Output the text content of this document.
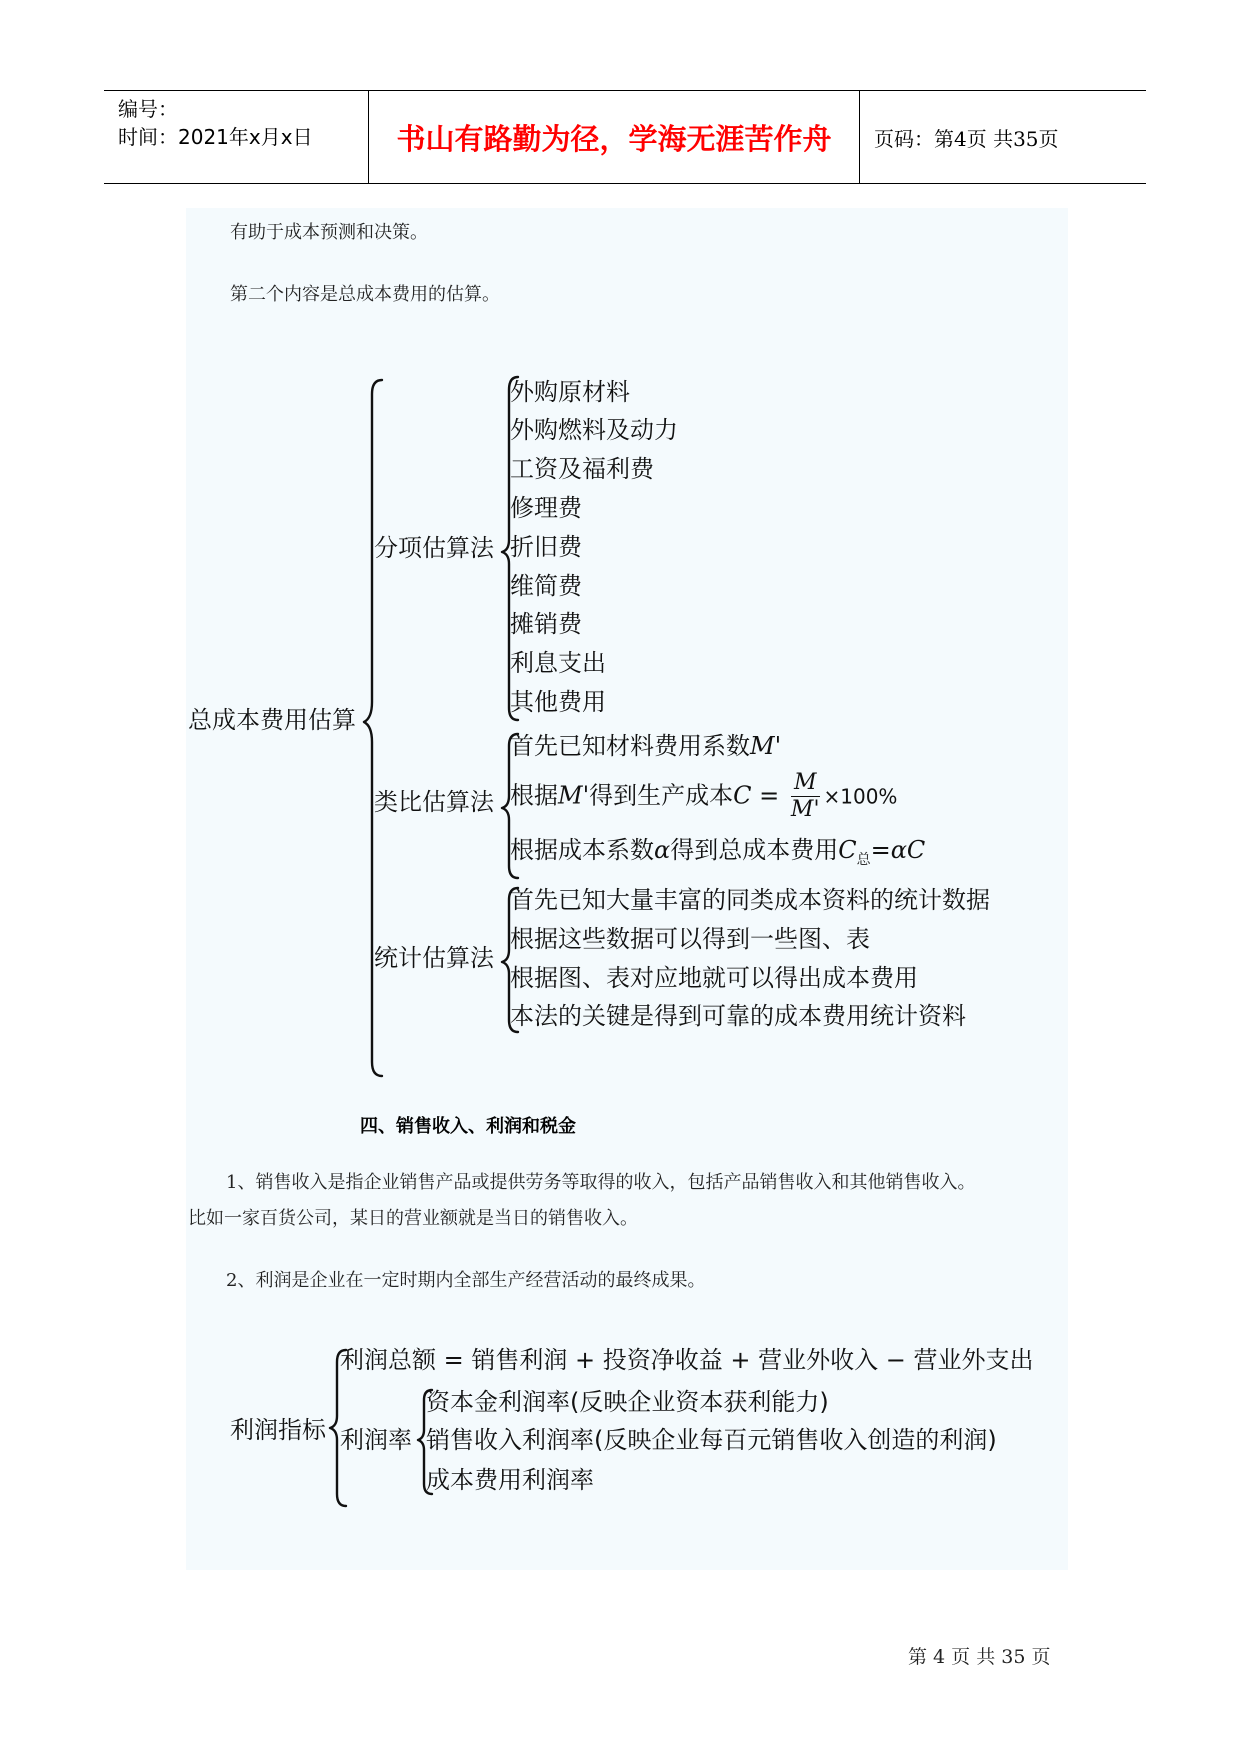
编号：
时间：2021年x月x日	书山有路勤为径，学海无涯苦作舟	页码：第4页 共35页
有助于成本预测和决策。
第二个内容是总成本费用的估算。
总成本费用估算
分项估算法
外购原材料
外购燃料及动力
工资及福利费
修理费
折旧费
维简费
摊销费
利息支出
其他费用
类比估算法
首先已知材料费用系数M'
根据M'得到生产成本$C = \frac{M}{M'} \times 100\%$
根据成本系数α得到总成本费用$C_总=\alpha C$
统计估算法
首先已知大量丰富的同类成本资料的统计数据
根据这些数据可以得到一些图、表
根据图、表对应地就可以得出成本费用
本法的关键是得到可靠的成本费用统计资料
四、销售收入、利润和税金
1、销售收入是指企业销售产品或提供劳务等取得的收入，包括产品销售收入和其他销售收入。
比如一家百货公司，某日的营业额就是当日的销售收入。
2、利润是企业在一定时期内全部生产经营活动的最终成果。
利润指标
利润总额 = 销售利润 + 投资净收益 + 营业外收入 − 营业外支出
利润率
资本金利润率(反映企业资本获利能力)
销售收入利润率(反映企业每百元销售收入创造的利润)
成本费用利润率
第 4 页 共 35 页
